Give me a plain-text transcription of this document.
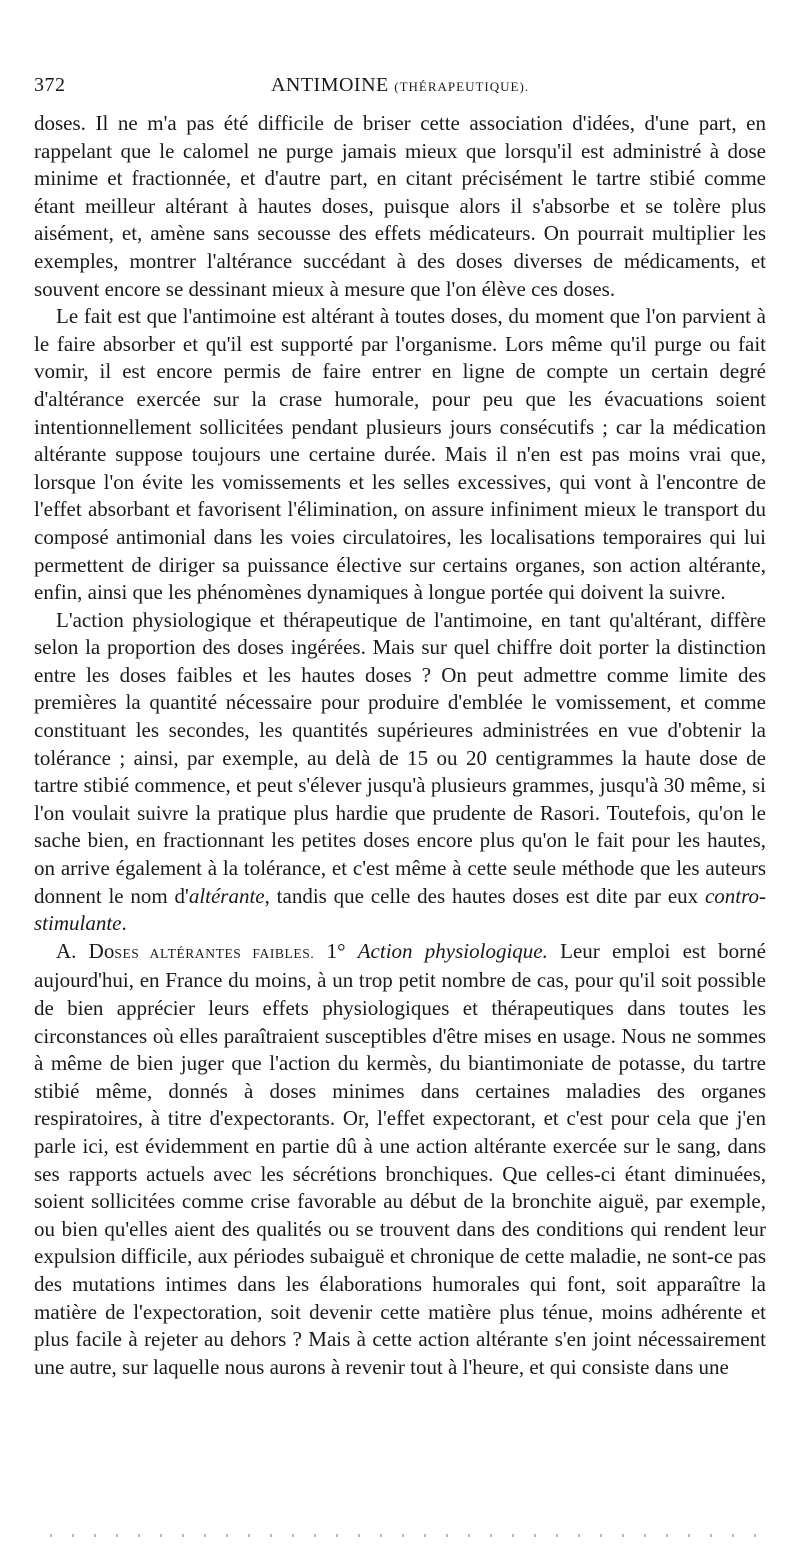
372	ANTIMOINE (THÉRAPEUTIQUE).

doses. Il ne m'a pas été difficile de briser cette association d'idées, d'une part, en rappelant que le calomel ne purge jamais mieux que lorsqu'il est administré à dose minime et fractionnée, et d'autre part, en citant précisément le tartre stibié comme étant meilleur altérant à hautes doses, puisque alors il s'absorbe et se tolère plus aisément, et, amène sans secousse des effets médicateurs. On pourrait multiplier les exemples, montrer l'altérance succédant à des doses diverses de médicaments, et souvent encore se dessinant mieux à mesure que l'on élève ces doses.

Le fait est que l'antimoine est altérant à toutes doses, du moment que l'on parvient à le faire absorber et qu'il est supporté par l'organisme. Lors même qu'il purge ou fait vomir, il est encore permis de faire entrer en ligne de compte un certain degré d'altérance exercée sur la crase humorale, pour peu que les évacuations soient intentionnellement sollicitées pendant plusieurs jours consécutifs ; car la médication altérante suppose toujours une certaine durée. Mais il n'en est pas moins vrai que, lorsque l'on évite les vomissements et les selles excessives, qui vont à l'encontre de l'effet absorbant et favorisent l'élimination, on assure infiniment mieux le transport du composé antimonial dans les voies circulatoires, les localisations temporaires qui lui permettent de diriger sa puissance élective sur certains organes, son action altérante, enfin, ainsi que les phénomènes dynamiques à longue portée qui doivent la suivre.

L'action physiologique et thérapeutique de l'antimoine, en tant qu'altérant, diffère selon la proportion des doses ingérées. Mais sur quel chiffre doit porter la distinction entre les doses faibles et les hautes doses ? On peut admettre comme limite des premières la quantité nécessaire pour produire d'emblée le vomissement, et comme constituant les secondes, les quantités supérieures administrées en vue d'obtenir la tolérance ; ainsi, par exemple, au delà de 15 ou 20 centigrammes la haute dose de tartre stibié commence, et peut s'élever jusqu'à plusieurs grammes, jusqu'à 30 même, si l'on voulait suivre la pratique plus hardie que prudente de Rasori. Toutefois, qu'on le sache bien, en fractionnant les petites doses encore plus qu'on le fait pour les hautes, on arrive également à la tolérance, et c'est même à cette seule méthode que les auteurs donnent le nom d'altérante, tandis que celle des hautes doses est dite par eux contro-stimulante.

A. DoSES ALTÉRANTES FAIBLES. 1° Action physiologique. Leur emploi est borné aujourd'hui, en France du moins, à un trop petit nombre de cas, pour qu'il soit possible de bien apprécier leurs effets physiologiques et thérapeutiques dans toutes les circonstances où elles paraîtraient susceptibles d'être mises en usage. Nous ne sommes à même de bien juger que l'action du kermès, du biantimoniate de potasse, du tartre stibié même, donnés à doses minimes dans certaines maladies des organes respiratoires, à titre d'expectorants. Or, l'effet expectorant, et c'est pour cela que j'en parle ici, est évidemment en partie dû à une action altérante exercée sur le sang, dans ses rapports actuels avec les sécrétions bronchiques. Que celles-ci étant diminuées, soient sollicitées comme crise favorable au début de la bronchite aiguë, par exemple, ou bien qu'elles aient des qualités ou se trouvent dans des conditions qui rendent leur expulsion difficile, aux périodes subaiguë et chronique de cette maladie, ne sont-ce pas des mutations intimes dans les élaborations humorales qui font, soit apparaître la matière de l'expectoration, soit devenir cette matière plus ténue, moins adhérente et plus facile à rejeter au dehors ? Mais à cette action altérante s'en joint nécessairement une autre, sur laquelle nous aurons à revenir tout à l'heure, et qui consiste dans une
